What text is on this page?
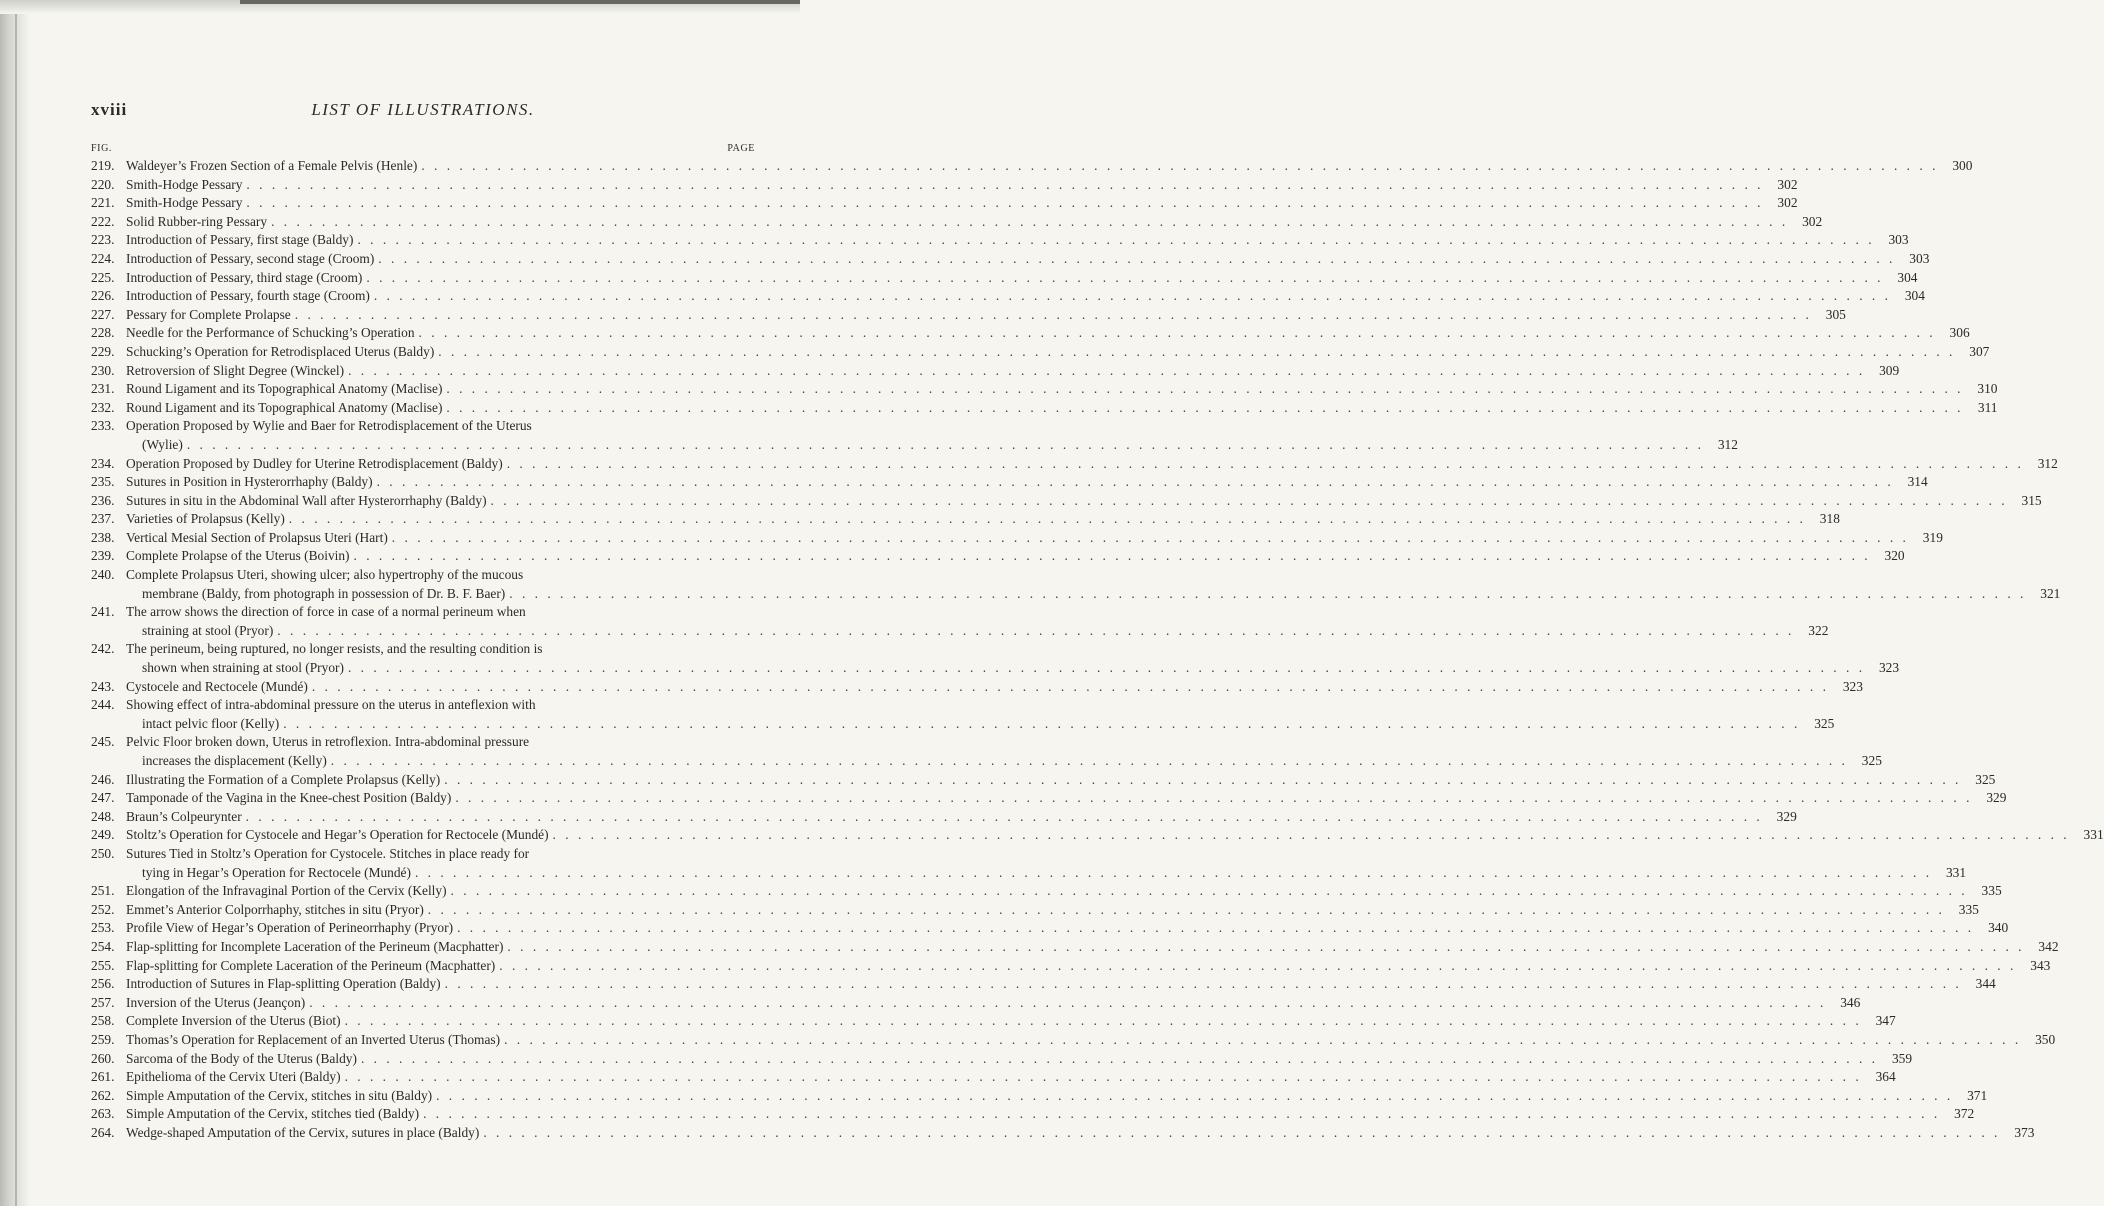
xviii	LIST OF ILLUSTRATIONS.
FIG.	PAGE
219. Waldeyer’s Frozen Section of a Female Pelvis (Henle) . . . . . . . . . . . . . . . . . . . . . . . . . . . . . . . . . . . . . . . . . . . . . . . . . . . . . . . . . . . . . . . . . . . . . . . . . . . . . . . . . . . . . . . . . . . . . . . . . . . . . . . . . . . . . . . . . . . . . . . .	300
220. Smith-Hodge Pessary . . . . . . . . . . . . . . . . . . . . . . . . . . . . . . . . . . . . . . . . . . . . . . . . . . . . . . . . . . . . . . . . . . . . . . . . . . . . . . . . . . . . . . . . . . . . . . . . . . . . . . . . . . . . . . . . . . . . . . . .	302
221. Smith-Hodge Pessary . . . . . . . . . . . . . . . . . . . . . . . . . . . . . . . . . . . . . . . . . . . . . . . . . . . . . . . . . . . . . . . . . . . . . . . . . . . . . . . . . . . . . . . . . . . . . . . . . . . . . . . . . . . . . . . . . . . . . . . .	302
222. Solid Rubber-ring Pessary . . . . . . . . . . . . . . . . . . . . . . . . . . . . . . . . . . . . . . . . . . . . . . . . . . . . . . . . . . . . . . . . . . . . . . . . . . . . . . . . . . . . . . . . . . . . . . . . . . . . . . . . . . . . . . . . . . . . . . . .	302
223. Introduction of Pessary, first stage (Baldy) . . . . . . . . . . . . . . . . . . . . . . . . . . . . . . . . . . . . . . . . . . . . . . . . . . . . . . . . . . . . . . . . . . . . . . . . . . . . . . . . . . . . . . . . . . . . . . . . . . . . . . . . . . . . . . . . . . . . . . . .	303
224. Introduction of Pessary, second stage (Croom) . . . . . . . . . . . . . . . . . . . . . . . . . . . . . . . . . . . . . . . . . . . . . . . . . . . . . . . . . . . . . . . . . . . . . . . . . . . . . . . . . . . . . . . . . . . . . . . . . . . . . . . . . . . . . . . . . . . . . . . .	303
225. Introduction of Pessary, third stage (Croom) . . . . . . . . . . . . . . . . . . . . . . . . . . . . . . . . . . . . . . . . . . . . . . . . . . . . . . . . . . . . . . . . . . . . . . . . . . . . . . . . . . . . . . . . . . . . . . . . . . . . . . . . . . . . . . . . . . . . . . . .	304
226. Introduction of Pessary, fourth stage (Croom) . . . . . . . . . . . . . . . . . . . . . . . . . . . . . . . . . . . . . . . . . . . . . . . . . . . . . . . . . . . . . . . . . . . . . . . . . . . . . . . . . . . . . . . . . . . . . . . . . . . . . . . . . . . . . . . . . . . . . . . .	304
227. Pessary for Complete Prolapse . . . . . . . . . . . . . . . . . . . . . . . . . . . . . . . . . . . . . . . . . . . . . . . . . . . . . . . . . . . . . . . . . . . . . . . . . . . . . . . . . . . . . . . . . . . . . . . . . . . . . . . . . . . . . . . . . . . . . . . .	305
228. Needle for the Performance of Schucking’s Operation . . . . . . . . . . . . . . . . . . . . . . . . . . . . . . . . . . . . . . . . . . . . . . . . . . . . . . . . . . . . . . . . . . . . . . . . . . . . . . . . . . . . . . . . . . . . . . . . . . . . . . . . . . . . . . . . . . . . . . . .	306
229. Schucking’s Operation for Retrodisplaced Uterus (Baldy) . . . . . . . . . . . . . . . . . . . . . . . . . . . . . . . . . . . . . . . . . . . . . . . . . . . . . . . . . . . . . . . . . . . . . . . . . . . . . . . . . . . . . . . . . . . . . . . . . . . . . . . . . . . . . . . . . . . . . . . .	307
230. Retroversion of Slight Degree (Winckel) . . . . . . . . . . . . . . . . . . . . . . . . . . . . . . . . . . . . . . . . . . . . . . . . . . . . . . . . . . . . . . . . . . . . . . . . . . . . . . . . . . . . . . . . . . . . . . . . . . . . . . . . . . . . . . . . . . . . . . . .	309
231. Round Ligament and its Topographical Anatomy (Maclise) . . . . . . . . . . . . . . . . . . . . . . . . . . . . . . . . . . . . . . . . . . . . . . . . . . . . . . . . . . . . . . . . . . . . . . . . . . . . . . . . . . . . . . . . . . . . . . . . . . . . . . . . . . . . . . . . . . . . . . . .	310
232. Round Ligament and its Topographical Anatomy (Maclise) . . . . . . . . . . . . . . . . . . . . . . . . . . . . . . . . . . . . . . . . . . . . . . . . . . . . . . . . . . . . . . . . . . . . . . . . . . . . . . . . . . . . . . . . . . . . . . . . . . . . . . . . . . . . . . . . . . . . . . . .	311
233. Operation Proposed by Wylie and Baer for Retrodisplacement of the Uterus
(Wylie) . . . . . . . . . . . . . . . . . . . . . . . . . . . . . . . . . . . . . . . . . . . . . . . . . . . . . . . . . . . . . . . . . . . . . . . . . . . . . . . . . . . . . . . . . . . . . . . . . . . . . . . . . . . . . . . . . . . . . . . .	312
234. Operation Proposed by Dudley for Uterine Retrodisplacement (Baldy) . . . . . . . . . . . . . . . . . . . . . . . . . . . . . . . . . . . . . . . . . . . . . . . . . . . . . . . . . . . . . . . . . . . . . . . . . . . . . . . . . . . . . . . . . . . . . . . . . . . . . . . . . . . . . . . . . . . . . . . .	312
235. Sutures in Position in Hysterorrhaphy (Baldy) . . . . . . . . . . . . . . . . . . . . . . . . . . . . . . . . . . . . . . . . . . . . . . . . . . . . . . . . . . . . . . . . . . . . . . . . . . . . . . . . . . . . . . . . . . . . . . . . . . . . . . . . . . . . . . . . . . . . . . . .	314
236. Sutures in situ in the Abdominal Wall after Hysterorrhaphy (Baldy) . . . . . . . . . . . . . . . . . . . . . . . . . . . . . . . . . . . . . . . . . . . . . . . . . . . . . . . . . . . . . . . . . . . . . . . . . . . . . . . . . . . . . . . . . . . . . . . . . . . . . . . . . . . . . . . . . . . . . . . .	315
237. Varieties of Prolapsus (Kelly) . . . . . . . . . . . . . . . . . . . . . . . . . . . . . . . . . . . . . . . . . . . . . . . . . . . . . . . . . . . . . . . . . . . . . . . . . . . . . . . . . . . . . . . . . . . . . . . . . . . . . . . . . . . . . . . . . . . . . . . .	318
238. Vertical Mesial Section of Prolapsus Uteri (Hart) . . . . . . . . . . . . . . . . . . . . . . . . . . . . . . . . . . . . . . . . . . . . . . . . . . . . . . . . . . . . . . . . . . . . . . . . . . . . . . . . . . . . . . . . . . . . . . . . . . . . . . . . . . . . . . . . . . . . . . . .	319
239. Complete Prolapse of the Uterus (Boivin) . . . . . . . . . . . . . . . . . . . . . . . . . . . . . . . . . . . . . . . . . . . . . . . . . . . . . . . . . . . . . . . . . . . . . . . . . . . . . . . . . . . . . . . . . . . . . . . . . . . . . . . . . . . . . . . . . . . . . . . .	320
240. Complete Prolapsus Uteri, showing ulcer; also hypertrophy of the mucous
membrane (Baldy, from photograph in possession of Dr. B. F. Baer) . . . . . . . . . . . . . . . . . . . . . . . . . . . . . . . . . . . . . . . . . . . . . . . . . . . . . . . . . . . . . . . . . . . . . . . . . . . . . . . . . . . . . . . . . . . . . . . . . . . . . . . . . . . . . . . . . . . . . . . .	321
241. The arrow shows the direction of force in case of a normal perineum when
straining at stool (Pryor) . . . . . . . . . . . . . . . . . . . . . . . . . . . . . . . . . . . . . . . . . . . . . . . . . . . . . . . . . . . . . . . . . . . . . . . . . . . . . . . . . . . . . . . . . . . . . . . . . . . . . . . . . . . . . . . . . . . . . . . .	322
242. The perineum, being ruptured, no longer resists, and the resulting condition is
shown when straining at stool (Pryor) . . . . . . . . . . . . . . . . . . . . . . . . . . . . . . . . . . . . . . . . . . . . . . . . . . . . . . . . . . . . . . . . . . . . . . . . . . . . . . . . . . . . . . . . . . . . . . . . . . . . . . . . . . . . . . . . . . . . . . . .	323
243. Cystocele and Rectocele (Mundé) . . . . . . . . . . . . . . . . . . . . . . . . . . . . . . . . . . . . . . . . . . . . . . . . . . . . . . . . . . . . . . . . . . . . . . . . . . . . . . . . . . . . . . . . . . . . . . . . . . . . . . . . . . . . . . . . . . . . . . . .	323
244. Showing effect of intra-abdominal pressure on the uterus in anteflexion with
intact pelvic floor (Kelly) . . . . . . . . . . . . . . . . . . . . . . . . . . . . . . . . . . . . . . . . . . . . . . . . . . . . . . . . . . . . . . . . . . . . . . . . . . . . . . . . . . . . . . . . . . . . . . . . . . . . . . . . . . . . . . . . . . . . . . . .	325
245. Pelvic Floor broken down, Uterus in retroflexion. Intra-abdominal pressure
increases the displacement (Kelly) . . . . . . . . . . . . . . . . . . . . . . . . . . . . . . . . . . . . . . . . . . . . . . . . . . . . . . . . . . . . . . . . . . . . . . . . . . . . . . . . . . . . . . . . . . . . . . . . . . . . . . . . . . . . . . . . . . . . . . . .	325
246. Illustrating the Formation of a Complete Prolapsus (Kelly) . . . . . . . . . . . . . . . . . . . . . . . . . . . . . . . . . . . . . . . . . . . . . . . . . . . . . . . . . . . . . . . . . . . . . . . . . . . . . . . . . . . . . . . . . . . . . . . . . . . . . . . . . . . . . . . . . . . . . . . .	325
247. Tamponade of the Vagina in the Knee-chest Position (Baldy) . . . . . . . . . . . . . . . . . . . . . . . . . . . . . . . . . . . . . . . . . . . . . . . . . . . . . . . . . . . . . . . . . . . . . . . . . . . . . . . . . . . . . . . . . . . . . . . . . . . . . . . . . . . . . . . . . . . . . . . .	329
248. Braun’s Colpeurynter . . . . . . . . . . . . . . . . . . . . . . . . . . . . . . . . . . . . . . . . . . . . . . . . . . . . . . . . . . . . . . . . . . . . . . . . . . . . . . . . . . . . . . . . . . . . . . . . . . . . . . . . . . . . . . . . . . . . . . . .	329
249. Stoltz’s Operation for Cystocele and Hegar’s Operation for Rectocele (Mundé) . . . . . . . . . . . . . . . . . . . . . . . . . . . . . . . . . . . . . . . . . . . . . . . . . . . . . . . . . . . . . . . . . . . . . . . . . . . . . . . . . . . . . . . . . . . . . . . . . . . . . . . . . . . . . . . . . . . . . . . .	331
250. Sutures Tied in Stoltz’s Operation for Cystocele. Stitches in place ready for
tying in Hegar’s Operation for Rectocele (Mundé) . . . . . . . . . . . . . . . . . . . . . . . . . . . . . . . . . . . . . . . . . . . . . . . . . . . . . . . . . . . . . . . . . . . . . . . . . . . . . . . . . . . . . . . . . . . . . . . . . . . . . . . . . . . . . . . . . . . . . . . .	331
251. Elongation of the Infravaginal Portion of the Cervix (Kelly) . . . . . . . . . . . . . . . . . . . . . . . . . . . . . . . . . . . . . . . . . . . . . . . . . . . . . . . . . . . . . . . . . . . . . . . . . . . . . . . . . . . . . . . . . . . . . . . . . . . . . . . . . . . . . . . . . . . . . . . .	335
252. Emmet’s Anterior Colporrhaphy, stitches in situ (Pryor) . . . . . . . . . . . . . . . . . . . . . . . . . . . . . . . . . . . . . . . . . . . . . . . . . . . . . . . . . . . . . . . . . . . . . . . . . . . . . . . . . . . . . . . . . . . . . . . . . . . . . . . . . . . . . . . . . . . . . . . .	335
253. Profile View of Hegar’s Operation of Perineorrhaphy (Pryor) . . . . . . . . . . . . . . . . . . . . . . . . . . . . . . . . . . . . . . . . . . . . . . . . . . . . . . . . . . . . . . . . . . . . . . . . . . . . . . . . . . . . . . . . . . . . . . . . . . . . . . . . . . . . . . . . . . . . . . . .	340
254. Flap-splitting for Incomplete Laceration of the Perineum (Macphatter) . . . . . . . . . . . . . . . . . . . . . . . . . . . . . . . . . . . . . . . . . . . . . . . . . . . . . . . . . . . . . . . . . . . . . . . . . . . . . . . . . . . . . . . . . . . . . . . . . . . . . . . . . . . . . . . . . . . . . . . .	342
255. Flap-splitting for Complete Laceration of the Perineum (Macphatter) . . . . . . . . . . . . . . . . . . . . . . . . . . . . . . . . . . . . . . . . . . . . . . . . . . . . . . . . . . . . . . . . . . . . . . . . . . . . . . . . . . . . . . . . . . . . . . . . . . . . . . . . . . . . . . . . . . . . . . . .	343
256. Introduction of Sutures in Flap-splitting Operation (Baldy) . . . . . . . . . . . . . . . . . . . . . . . . . . . . . . . . . . . . . . . . . . . . . . . . . . . . . . . . . . . . . . . . . . . . . . . . . . . . . . . . . . . . . . . . . . . . . . . . . . . . . . . . . . . . . . . . . . . . . . . .	344
257. Inversion of the Uterus (Jeançon) . . . . . . . . . . . . . . . . . . . . . . . . . . . . . . . . . . . . . . . . . . . . . . . . . . . . . . . . . . . . . . . . . . . . . . . . . . . . . . . . . . . . . . . . . . . . . . . . . . . . . . . . . . . . . . . . . . . . . . . .	346
258. Complete Inversion of the Uterus (Biot) . . . . . . . . . . . . . . . . . . . . . . . . . . . . . . . . . . . . . . . . . . . . . . . . . . . . . . . . . . . . . . . . . . . . . . . . . . . . . . . . . . . . . . . . . . . . . . . . . . . . . . . . . . . . . . . . . . . . . . . .	347
259. Thomas’s Operation for Replacement of an Inverted Uterus (Thomas) . . . . . . . . . . . . . . . . . . . . . . . . . . . . . . . . . . . . . . . . . . . . . . . . . . . . . . . . . . . . . . . . . . . . . . . . . . . . . . . . . . . . . . . . . . . . . . . . . . . . . . . . . . . . . . . . . . . . . . . .	350
260. Sarcoma of the Body of the Uterus (Baldy) . . . . . . . . . . . . . . . . . . . . . . . . . . . . . . . . . . . . . . . . . . . . . . . . . . . . . . . . . . . . . . . . . . . . . . . . . . . . . . . . . . . . . . . . . . . . . . . . . . . . . . . . . . . . . . . . . . . . . . . .	359
261. Epithelioma of the Cervix Uteri (Baldy) . . . . . . . . . . . . . . . . . . . . . . . . . . . . . . . . . . . . . . . . . . . . . . . . . . . . . . . . . . . . . . . . . . . . . . . . . . . . . . . . . . . . . . . . . . . . . . . . . . . . . . . . . . . . . . . . . . . . . . . .	364
262. Simple Amputation of the Cervix, stitches in situ (Baldy) . . . . . . . . . . . . . . . . . . . . . . . . . . . . . . . . . . . . . . . . . . . . . . . . . . . . . . . . . . . . . . . . . . . . . . . . . . . . . . . . . . . . . . . . . . . . . . . . . . . . . . . . . . . . . . . . . . . . . . . .	371
263. Simple Amputation of the Cervix, stitches tied (Baldy) . . . . . . . . . . . . . . . . . . . . . . . . . . . . . . . . . . . . . . . . . . . . . . . . . . . . . . . . . . . . . . . . . . . . . . . . . . . . . . . . . . . . . . . . . . . . . . . . . . . . . . . . . . . . . . . . . . . . . . . .	372
264. Wedge-shaped Amputation of the Cervix, sutures in place (Baldy) . . . . . . . . . . . . . . . . . . . . . . . . . . . . . . . . . . . . . . . . . . . . . . . . . . . . . . . . . . . . . . . . . . . . . . . . . . . . . . . . . . . . . . . . . . . . . . . . . . . . . . . . . . . . . . . . . . . . . . . .	373
